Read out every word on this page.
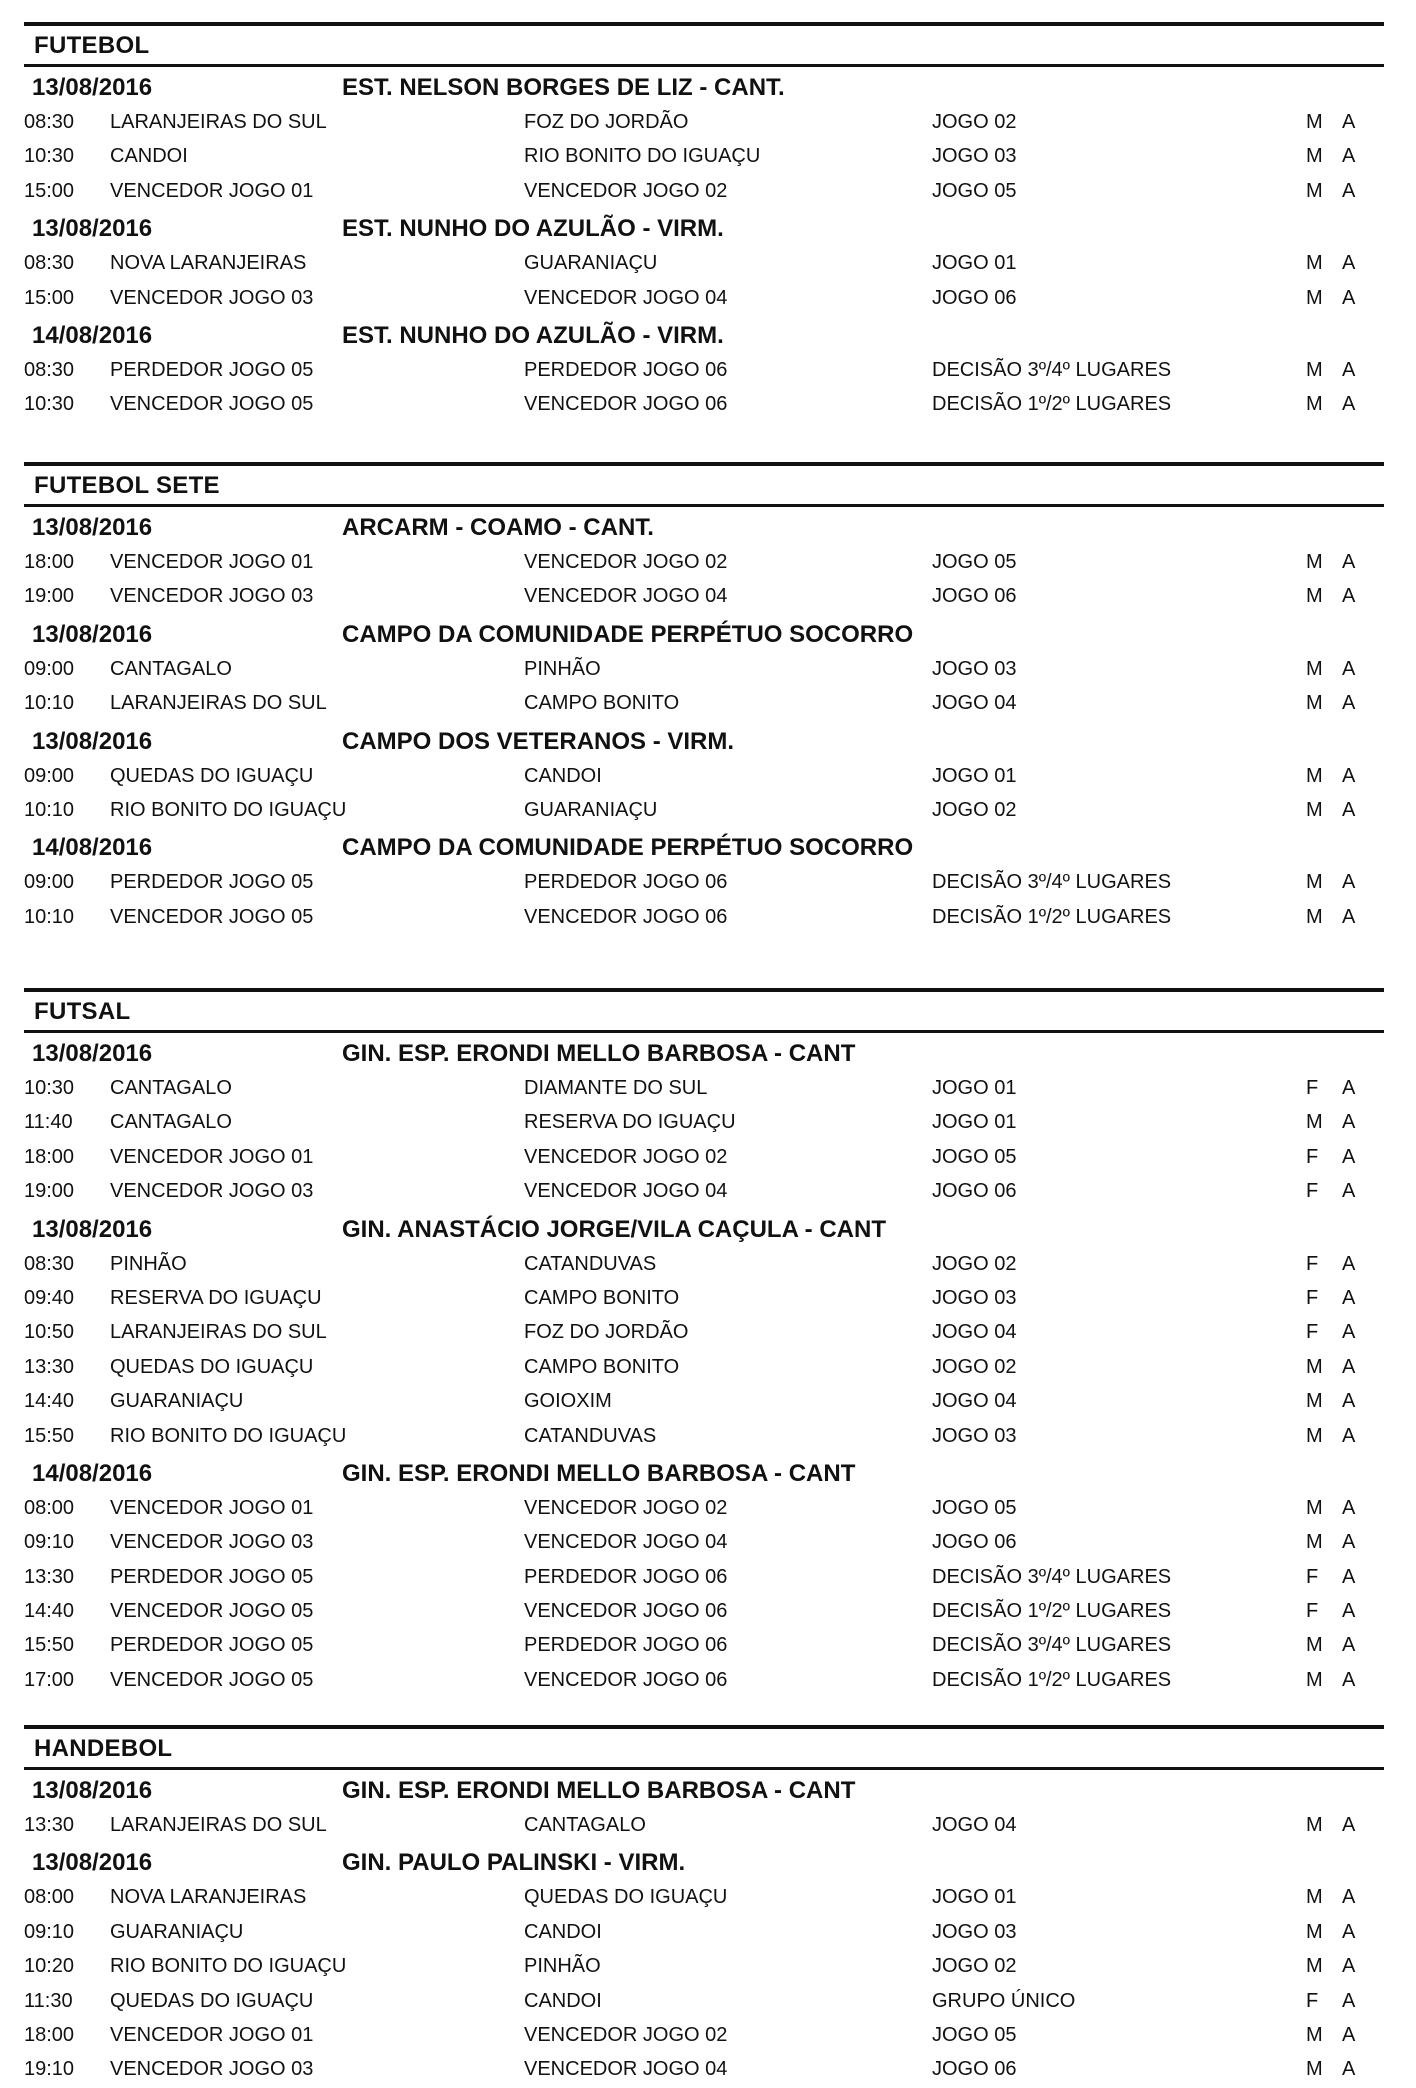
FUTEBOL
13/08/2016	EST. NELSON BORGES DE LIZ - CANT.
08:30 LARANJEIRAS DO SUL	FOZ DO JORDÃO	JOGO 02	M A
10:30 CANDOI	RIO BONITO DO IGUAÇU	JOGO 03	M A
15:00 VENCEDOR JOGO 01	VENCEDOR JOGO 02	JOGO 05	M A
13/08/2016	EST. NUNHO DO AZULÃO - VIRM.
08:30 NOVA LARANJEIRAS	GUARANIAÇU	JOGO 01	M A
15:00 VENCEDOR JOGO 03	VENCEDOR JOGO 04	JOGO 06	M A
14/08/2016	EST. NUNHO DO AZULÃO - VIRM.
08:30 PERDEDOR JOGO 05	PERDEDOR JOGO 06	DECISÃO 3º/4º LUGARES	M A
10:30 VENCEDOR JOGO 05	VENCEDOR JOGO 06	DECISÃO 1º/2º LUGARES	M A
FUTEBOL SETE
13/08/2016	ARCARM - COAMO - CANT.
18:00 VENCEDOR JOGO 01	VENCEDOR JOGO 02	JOGO 05	M A
19:00 VENCEDOR JOGO 03	VENCEDOR JOGO 04	JOGO 06	M A
13/08/2016	CAMPO DA COMUNIDADE PERPÉTUO SOCORRO
09:00 CANTAGALO	PINHÃO	JOGO 03	M A
10:10 LARANJEIRAS DO SUL	CAMPO BONITO	JOGO 04	M A
13/08/2016	CAMPO DOS VETERANOS - VIRM.
09:00 QUEDAS DO IGUAÇU	CANDOI	JOGO 01	M A
10:10 RIO BONITO DO IGUAÇU	GUARANIAÇU	JOGO 02	M A
14/08/2016	CAMPO DA COMUNIDADE PERPÉTUO SOCORRO
09:00 PERDEDOR JOGO 05	PERDEDOR JOGO 06	DECISÃO 3º/4º LUGARES	M A
10:10 VENCEDOR JOGO 05	VENCEDOR JOGO 06	DECISÃO 1º/2º LUGARES	M A
FUTSAL
13/08/2016	GIN. ESP. ERONDI MELLO BARBOSA - CANT
10:30 CANTAGALO	DIAMANTE DO SUL	JOGO 01	F A
11:40 CANTAGALO	RESERVA DO IGUAÇU	JOGO 01	M A
18:00 VENCEDOR JOGO 01	VENCEDOR JOGO 02	JOGO 05	F A
19:00 VENCEDOR JOGO 03	VENCEDOR JOGO 04	JOGO 06	F A
13/08/2016	GIN. ANASTÁCIO JORGE/VILA CAÇULA - CANT
08:30 PINHÃO	CATANDUVAS	JOGO 02	F A
09:40 RESERVA DO IGUAÇU	CAMPO BONITO	JOGO 03	F A
10:50 LARANJEIRAS DO SUL	FOZ DO JORDÃO	JOGO 04	F A
13:30 QUEDAS DO IGUAÇU	CAMPO BONITO	JOGO 02	M A
14:40 GUARANIAÇU	GOIOXIM	JOGO 04	M A
15:50 RIO BONITO DO IGUAÇU	CATANDUVAS	JOGO 03	M A
14/08/2016	GIN. ESP. ERONDI MELLO BARBOSA - CANT
08:00 VENCEDOR JOGO 01	VENCEDOR JOGO 02	JOGO 05	M A
09:10 VENCEDOR JOGO 03	VENCEDOR JOGO 04	JOGO 06	M A
13:30 PERDEDOR JOGO 05	PERDEDOR JOGO 06	DECISÃO 3º/4º LUGARES	F A
14:40 VENCEDOR JOGO 05	VENCEDOR JOGO 06	DECISÃO 1º/2º LUGARES	F A
15:50 PERDEDOR JOGO 05	PERDEDOR JOGO 06	DECISÃO 3º/4º LUGARES	M A
17:00 VENCEDOR JOGO 05	VENCEDOR JOGO 06	DECISÃO 1º/2º LUGARES	M A
HANDEBOL
13/08/2016	GIN. ESP. ERONDI MELLO BARBOSA - CANT
13:30 LARANJEIRAS DO SUL	CANTAGALO	JOGO 04	M A
13/08/2016	GIN. PAULO PALINSKI - VIRM.
08:00 NOVA LARANJEIRAS	QUEDAS DO IGUAÇU	JOGO 01	M A
09:10 GUARANIAÇU	CANDOI	JOGO 03	M A
10:20 RIO BONITO DO IGUAÇU	PINHÃO	JOGO 02	M A
11:30 QUEDAS DO IGUAÇU	CANDOI	GRUPO ÚNICO	F A
18:00 VENCEDOR JOGO 01	VENCEDOR JOGO 02	JOGO 05	M A
19:10 VENCEDOR JOGO 03	VENCEDOR JOGO 04	JOGO 06	M A
